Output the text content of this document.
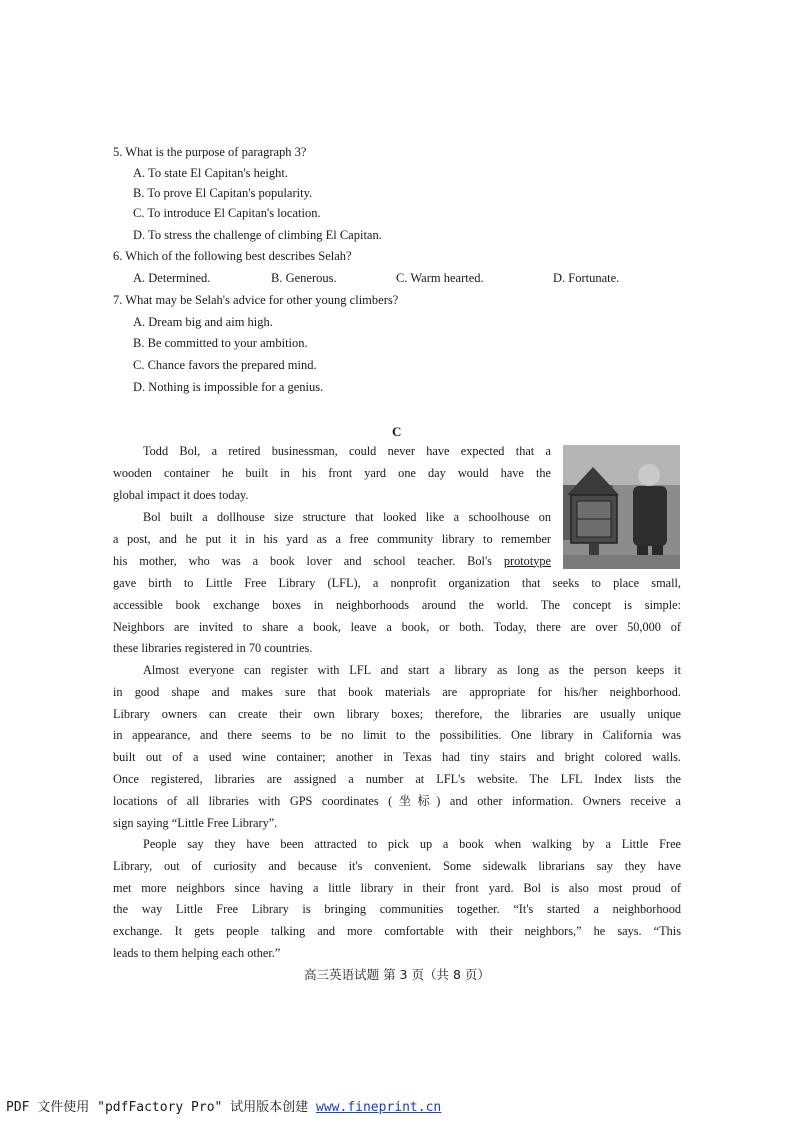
5. What is the purpose of paragraph 3?
A. To state El Capitan's height.
B. To prove El Capitan's popularity.
C. To introduce El Capitan's location.
D. To stress the challenge of climbing El Capitan.
6. Which of the following best describes Selah?
A. Determined.	B. Generous.	C. Warm hearted.	D. Fortunate.
7. What may be Selah's advice for other young climbers?
A. Dream big and aim high.
B. Be committed to your ambition.
C. Chance favors the prepared mind.
D. Nothing is impossible for a genius.
C
Todd Bol, a retired businessman, could never have expected that a
wooden container he built in his front yard one day would have the
global impact it does today.
Bol built a dollhouse size structure that looked like a schoolhouse on
a post, and he put it in his yard as a free community library to remember
his mother, who was a book lover and school teacher. Bol's prototype
gave birth to Little Free Library (LFL), a nonprofit organization that seeks to place small,
accessible book exchange boxes in neighborhoods around the world. The concept is simple:
Neighbors are invited to share a book, leave a book, or both. Today, there are over 50,000 of
these libraries registered in 70 countries.
Almost everyone can register with LFL and start a library as long as the person keeps it
in good shape and makes sure that book materials are appropriate for his/her neighborhood.
Library owners can create their own library boxes; therefore, the libraries are usually unique
in appearance, and there seems to be no limit to the possibilities. One library in California was
built out of a used wine container; another in Texas had tiny stairs and bright colored walls.
Once registered, libraries are assigned a number at LFL's website. The LFL Index lists the
locations of all libraries with GPS coordinates (坐标) and other information. Owners receive a
sign saying “Little Free Library”.
People say they have been attracted to pick up a book when walking by a Little Free
Library, out of curiosity and because it's convenient. Some sidewalk librarians say they have
met more neighbors since having a little library in their front yard. Bol is also most proud of
the way Little Free Library is bringing communities together. “It's started a neighborhood
exchange. It gets people talking and more comfortable with their neighbors,” he says. “This
leads to them helping each other.”
高三英语试题 第 3 页（共 8 页）
PDF 文件使用 "pdfFactory Pro" 试用版本创建 www.fineprint.cn
